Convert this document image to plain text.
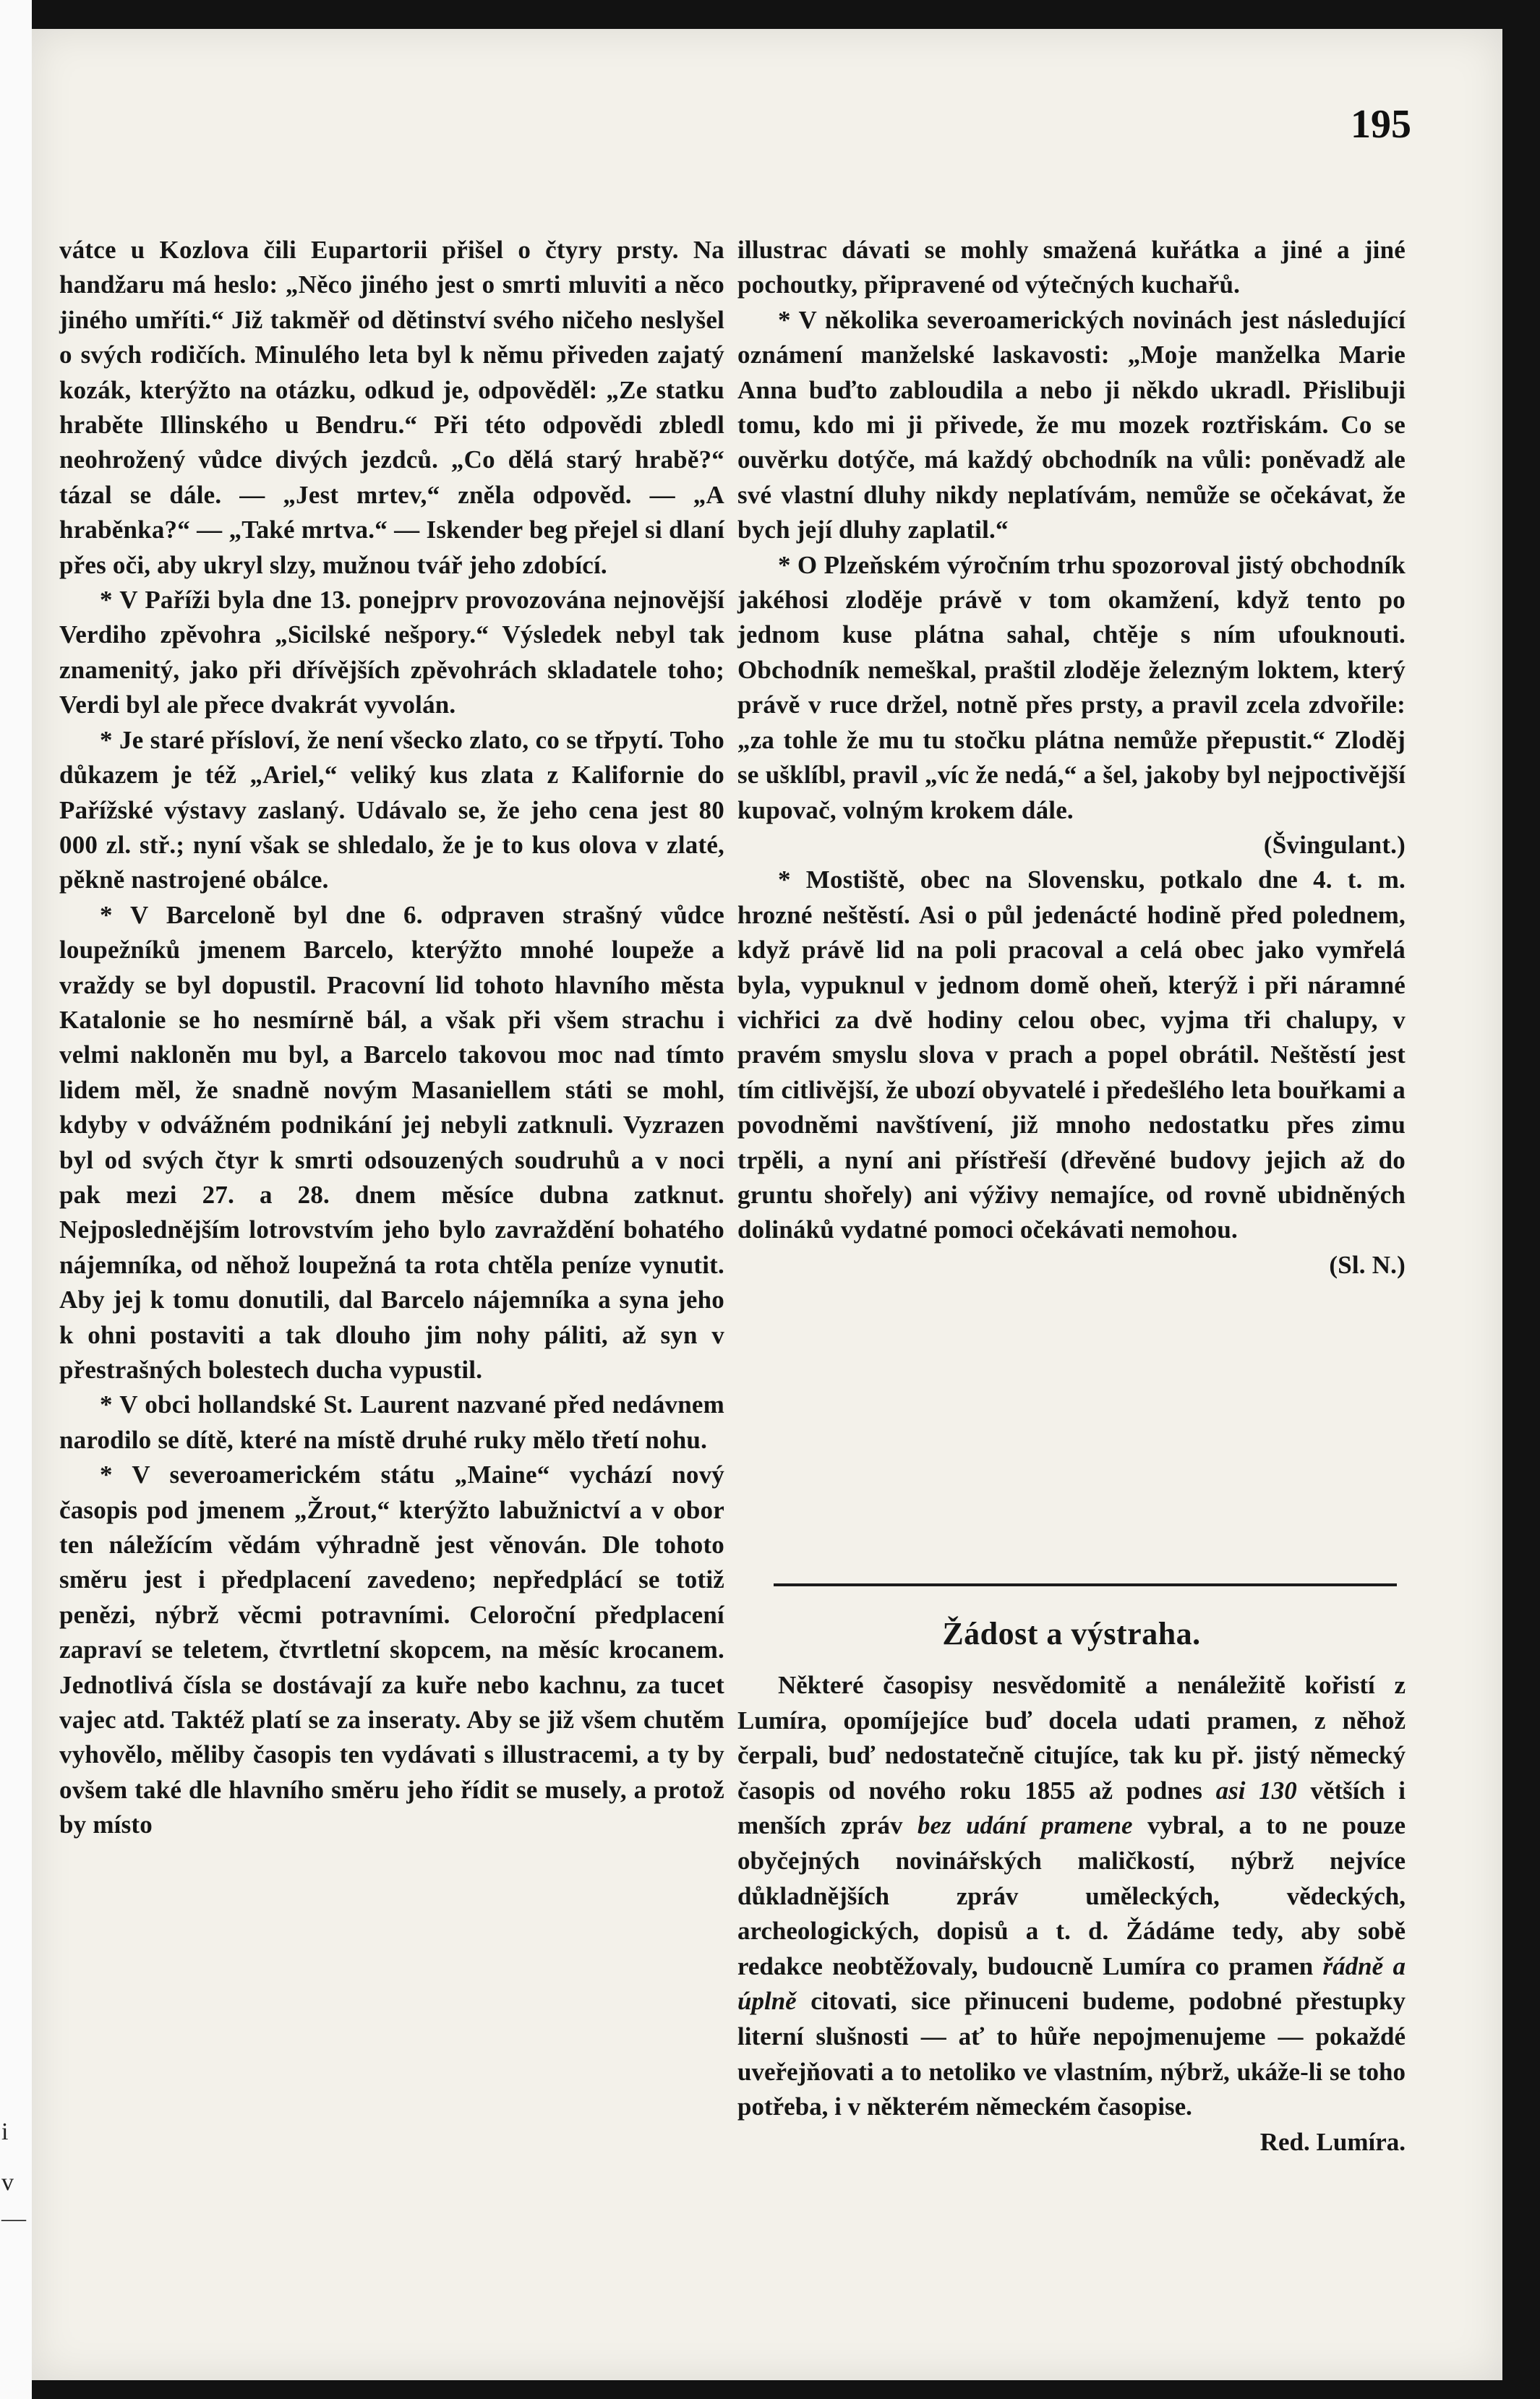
i
v
—
195

vátce u Kozlova čili Eupartorii přišel o čtyry prsty. Na handžaru má heslo: „Něco jiného jest o smrti mluviti a něco jiného umříti.“ Již takměř od dětinství svého ničeho neslyšel o svých rodičích. Minulého leta byl k němu přiveden zajatý kozák, kterýžto na otázku, odkud je, odpověděl: „Ze statku hraběte Illinského u Bendru.“ Při této odpovědi zbledl neohrožený vůdce divých jezdců. „Co dělá starý hrabě?“ tázal se dále. — „Jest mrtev,“ zněla odpověd. — „A hraběnka?“ — „Také mrtva.“ — Iskender beg přejel si dlaní přes oči, aby ukryl slzy, mužnou tvář jeho zdobící.

* V Paříži byla dne 13. ponejprv provozována nejnovější Verdiho zpěvohra „Sicilské nešpory.“ Výsledek nebyl tak znamenitý, jako při dřívějších zpěvohrách skladatele toho; Verdi byl ale přece dvakrát vyvolán.

* Je staré přísloví, že není všecko zlato, co se třpytí. Toho důkazem je též „Ariel,“ veliký kus zlata z Kalifornie do Pařížské výstavy zaslaný. Udávalo se, že jeho cena jest 80 000 zl. stř.; nyní však se shledalo, že je to kus olova v zlaté, pěkně nastrojené obálce.

* V Barceloně byl dne 6. odpraven strašný vůdce loupežníků jmenem Barcelo, kterýžto mnohé loupeže a vraždy se byl dopustil. Pracovní lid tohoto hlavního města Katalonie se ho nesmírně bál, a však při všem strachu i velmi nakloněn mu byl, a Barcelo takovou moc nad tímto lidem měl, že snadně novým Masaniellem státi se mohl, kdyby v odvážném podnikání jej nebyli zatknuli. Vyzrazen byl od svých čtyr k smrti odsouzených soudruhů a v noci pak mezi 27. a 28. dnem měsíce dubna zatknut. Nejposlednějším lotrovstvím jeho bylo zavraždění bohatého nájemníka, od něhož loupežná ta rota chtěla peníze vynutit. Aby jej k tomu donutili, dal Barcelo nájemníka a syna jeho k ohni postaviti a tak dlouho jim nohy páliti, až syn v přestrašných bolestech ducha vypustil.

* V obci hollandské St. Laurent nazvané před nedávnem narodilo se dítě, které na místě druhé ruky mělo třetí nohu.

* V severoamerickém státu „Maine“ vychází nový časopis pod jmenem „Žrout,“ kterýžto labužnictví a v obor ten náležícím vědám výhradně jest věnován. Dle tohoto směru jest i předplacení zavedeno; nepředplácí se totiž penězi, nýbrž věcmi potravními. Celoroční předplacení zapraví se teletem, čtvrtletní skopcem, na měsíc krocanem. Jednotlivá čísla se dostávají za kuře nebo kachnu, za tucet vajec atd. Taktéž platí se za inseraty. Aby se již všem chutěm vyhovělo, měliby časopis ten vydávati s illustracemi, a ty by ovšem také dle hlavního směru jeho řídit se musely, a protož by místo

illustrac dávati se mohly smažená kuřátka a jiné a jiné pochoutky, připravené od výtečných kuchařů.

* V několika severoamerických novinách jest následující oznámení manželské laskavosti: „Moje manželka Marie Anna buďto zabloudila a nebo ji někdo ukradl. Přislibuji tomu, kdo mi ji přivede, že mu mozek roztřiskám. Co se ouvěrku dotýče, má každý obchodník na vůli: poněvadž ale své vlastní dluhy nikdy neplatívám, nemůže se očekávat, že bych její dluhy zaplatil.“

* O Plzeňském výročním trhu spozoroval jistý obchodník jakéhosi zloděje právě v tom okamžení, když tento po jednom kuse plátna sahal, chtěje s ním ufouknouti. Obchodník nemeškal, praštil zloděje železným loktem, který právě v ruce držel, notně přes prsty, a pravil zcela zdvořile: „za tohle že mu tu stočku plátna nemůže přepustit.“ Zloděj se ušklíbl, pravil „víc že nedá,“ a šel, jakoby byl nejpoctivější kupovač, volným krokem dále.

(Švingulant.)

* Mostiště, obec na Slovensku, potkalo dne 4. t. m. hrozné neštěstí. Asi o půl jedenácté hodině před polednem, když právě lid na poli pracoval a celá obec jako vymřelá byla, vypuknul v jednom domě oheň, kterýž i při náramné vichřici za dvě hodiny celou obec, vyjma tři chalupy, v pravém smyslu slova v prach a popel obrátil. Neštěstí jest tím citlivější, že ubozí obyvatelé i předešlého leta bouřkami a povodněmi navštívení, již mnoho nedostatku přes zimu trpěli, a nyní ani přístřeší (dřevěné budovy jejich až do gruntu shořely) ani výživy nemajíce, od rovně ubidněných dolináků vydatné pomoci očekávati nemohou.

(Sl. N.)

Žádost a výstraha.

Některé časopisy nesvědomitě a nenáležitě kořistí z Lumíra, opomíjejíce buď docela udati pramen, z něhož čerpali, buď nedostatečně citujíce, tak ku př. jistý německý časopis od nového roku 1855 až podnes asi 130 větších i menších zpráv bez udání pramene vybral, a to ne pouze obyčejných novinářských maličkostí, nýbrž nejvíce důkladnějších zpráv uměleckých, vědeckých, archeologických, dopisů a t. d. Žádáme tedy, aby sobě redakce neobtěžovaly, budoucně Lumíra co pramen řádně a úplně citovati, sice přinuceni budeme, podobné přestupky literní slušnosti — ať to hůře nepojmenujeme — pokaždé uveřejňovati a to netoliko ve vlastním, nýbrž, ukáže-li se toho potřeba, i v některém německém časopise.

Red. Lumíra.
